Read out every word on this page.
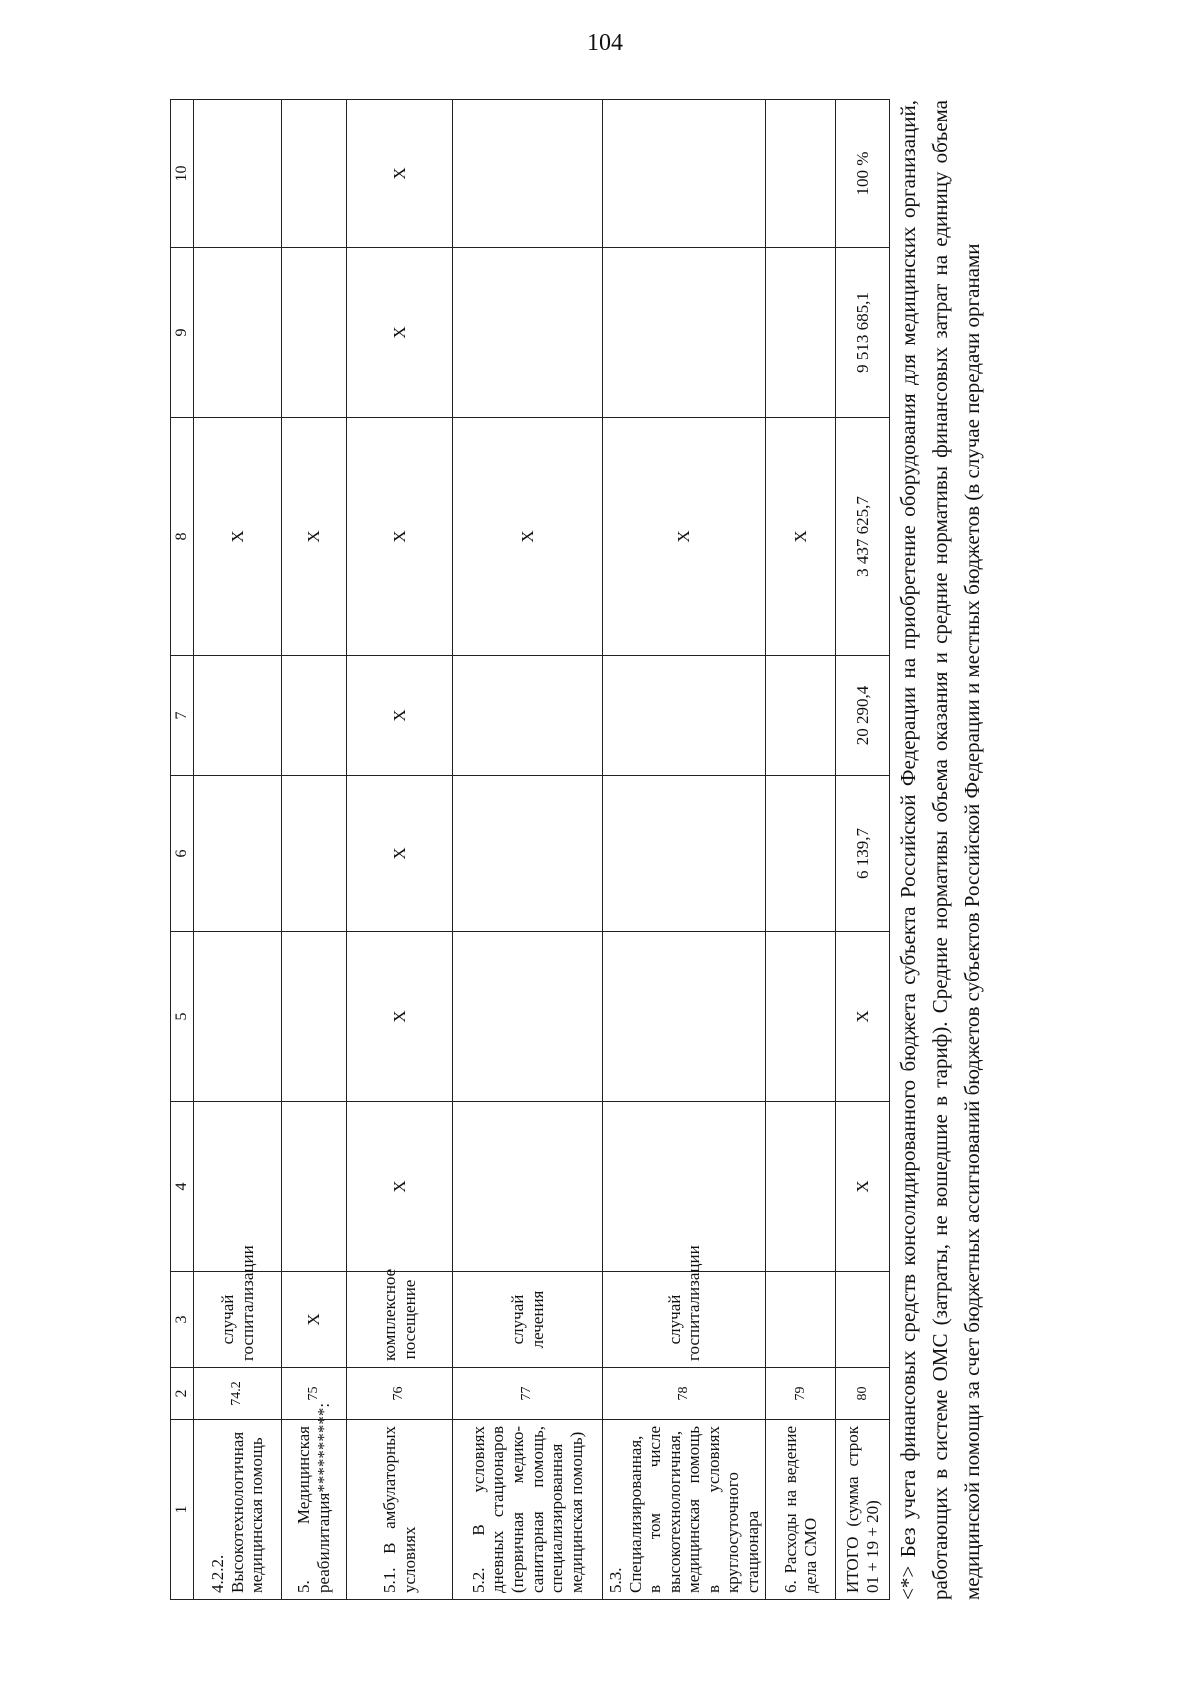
104
1	2	3	4	5	6	7	8	9	10
4.2.2. Высокотехнологичная медицинская помощь	74.2	случай госпитализации					Х		
5. Медицинская реабилитация**********:	75	Х					Х		
5.1. В амбулаторных условиях	76	комплексное посещение	Х	Х	Х	Х	Х	Х	Х
5.2. В условиях дневных стационаров (первичная медико-санитарная помощь, специализированная медицинская помощь)	77	случай лечения					Х		
5.3. Специализированная, в том числе высокотехнологичная, медицинская помощь в условиях круглосуточного стационара	78	случай госпитализации					Х		
6. Расходы на ведение дела СМО	79						Х		
ИТОГО (сумма строк 01 + 19 + 20)	80		Х	Х	6 139,7	20 290,4	3 437 625,7	9 513 685,1	100 % <*> Без учета финансовых средств консолидированного бюджета субъекта Российской Федерации на приобретение оборудования для медицинских организаций, работающих в системе ОМС (затраты, не вошедшие в тариф). Средние нормативы объема оказания и средние нормативы финансовых затрат на единицу объема медицинской помощи за счет бюджетных ассигнований бюджетов субъектов Российской Федерации и местных бюджетов (в случае передачи органами
